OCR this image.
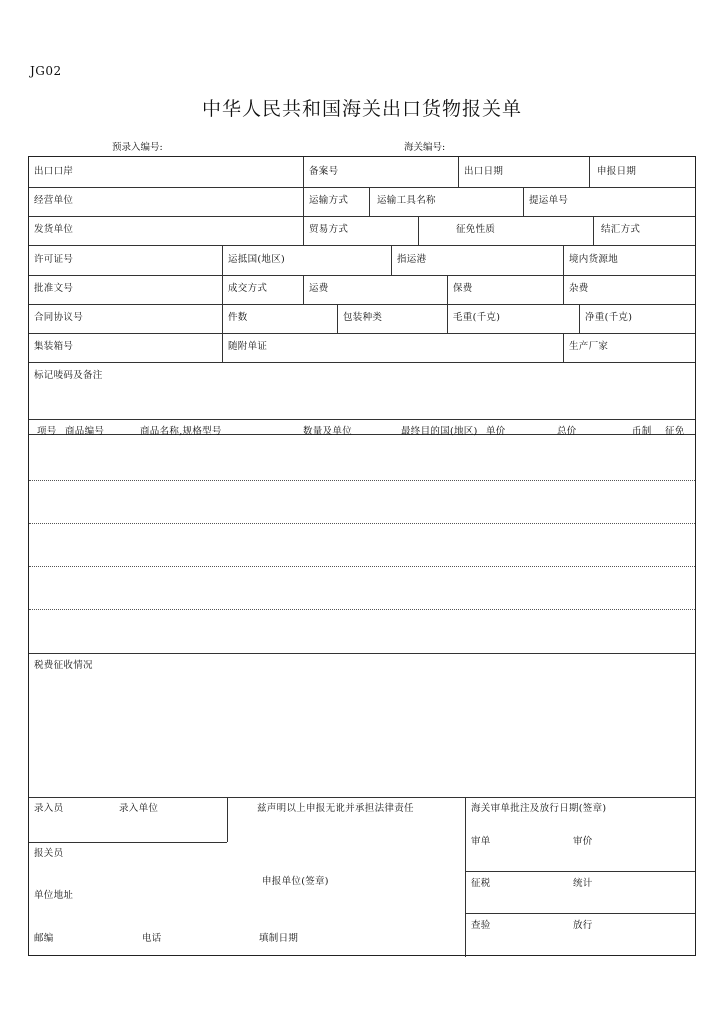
JG02
中华人民共和国海关出口货物报关单
预录入编号:	海关编号:
出口口岸	备案号	出口日期	申报日期
经营单位	运输方式	运输工具名称	提运单号
发货单位	贸易方式	征免性质	结汇方式
许可证号	运抵国(地区)	指运港	境内货源地
批准文号	成交方式	运费	保费	杂费
合同协议号	件数	包装种类	毛重(千克)	净重(千克)
集装箱号	随附单证	生产厂家
标记唛码及备注
项号 商品编号	商品名称,规格型号	数量及单位	最终目的国(地区) 单价	总价	币制 征免
税费征收情况
录入员	录入单位	兹声明以上申报无讹并承担法律责任	海关审单批注及放行日期(签章)
审单	审价
报关员
申报单位(签章)	征税	统计
单位地址
查验	放行
邮编	电话	填制日期
